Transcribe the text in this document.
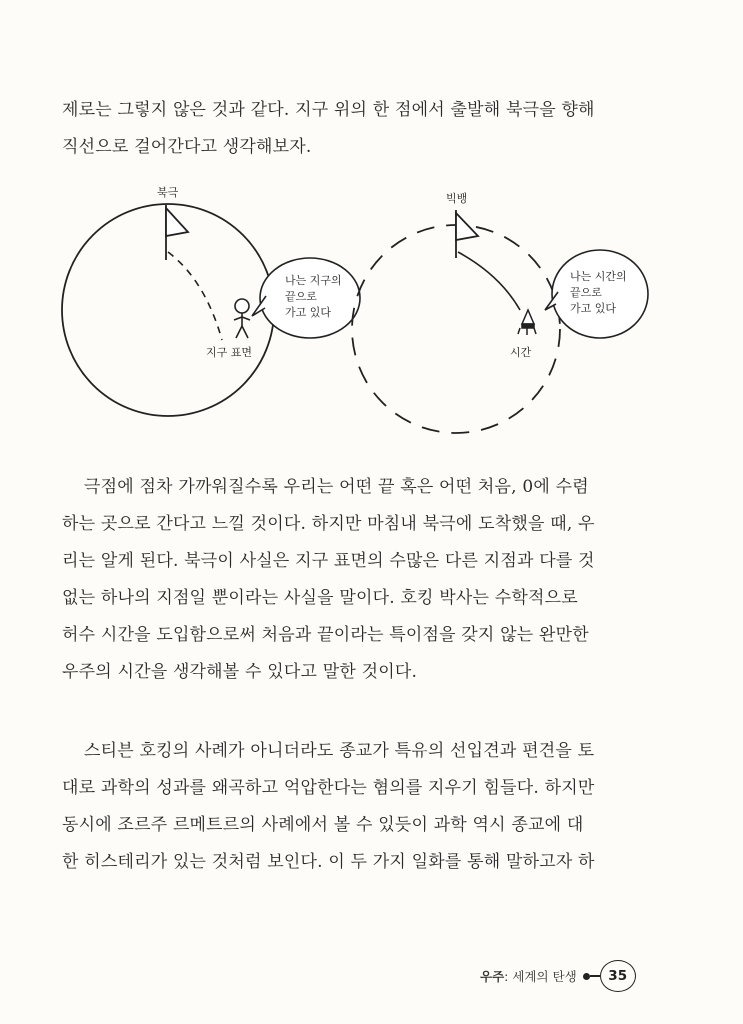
제로는 그렇지 않은 것과 같다. 지구 위의 한 점에서 출발해 북극을 향해
직선으로 걸어간다고 생각해보자.
북극
지구 표면
나는 지구의
끝으로
가고 있다
빅뱅
시간
나는 시간의
끝으로
가고 있다
극점에 점차 가까워질수록 우리는 어떤 끝 혹은 어떤 처음, 0에 수렴
하는 곳으로 간다고 느낄 것이다. 하지만 마침내 북극에 도착했을 때, 우
리는 알게 된다. 북극이 사실은 지구 표면의 수많은 다른 지점과 다를 것
없는 하나의 지점일 뿐이라는 사실을 말이다. 호킹 박사는 수학적으로
허수 시간을 도입함으로써 처음과 끝이라는 특이점을 갖지 않는 완만한
우주의 시간을 생각해볼 수 있다고 말한 것이다.
스티븐 호킹의 사례가 아니더라도 종교가 특유의 선입견과 편견을 토
대로 과학의 성과를 왜곡하고 억압한다는 혐의를 지우기 힘들다. 하지만
동시에 조르주 르메트르의 사례에서 볼 수 있듯이 과학 역시 종교에 대
한 히스테리가 있는 것처럼 보인다. 이 두 가지 일화를 통해 말하고자 하
우주 : 세계의 탄생	35
